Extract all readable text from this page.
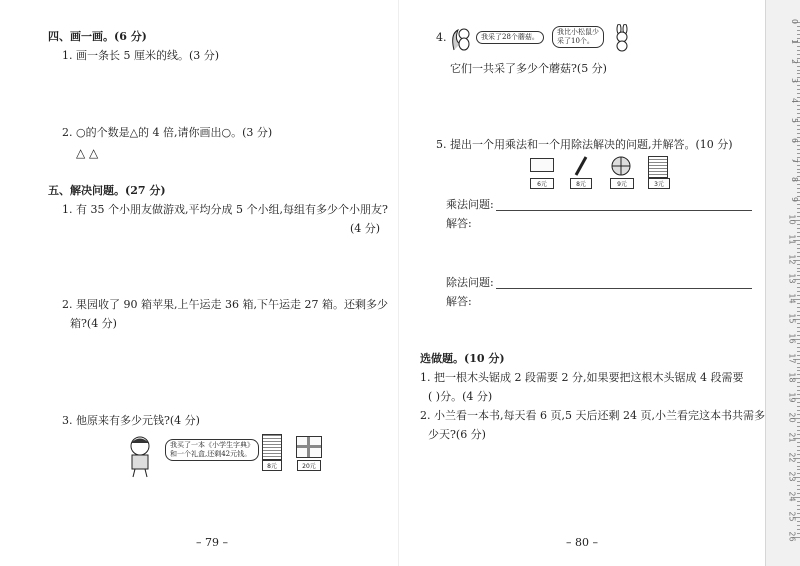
四、画一画。(6 分)
1. 画一条长 5 厘米的线。(3 分)
2. ○的个数是△的 4 倍,请你画出○。(3 分)
△ △
五、解决问题。(27 分)
1. 有 35 个小朋友做游戏,平均分成 5 个小组,每组有多少个小朋友?
(4 分)
2. 果园收了 90 箱苹果,上午运走 36 箱,下午运走 27 箱。还剩多少
箱?(4 分)
3. 他原来有多少元钱?(4 分)
我买了一本《小学生字典》
和一个礼盒,还剩42元钱。
8元	20元
– 79 –
4.	我采了28个蘑菇。
我比小松鼠少
采了10个。
它们一共采了多少个蘑菇?(5 分)
5. 提出一个用乘法和一个用除法解决的问题,并解答。(10 分)
6元	8元	9元	3元
乘法问题:
解答:
除法问题:
解答:
选做题。(10 分)
1. 把一根木头锯成 2 段需要 2 分,如果要把这根木头锯成 4 段需要
( )分。(4 分)
2. 小兰看一本书,每天看 6 页,5 天后还剩 24 页,小兰看完这本书共需多
少天?(6 分)
– 80 –
0
1
2
3
4
5
6
7
8
9
10
11
12
13
14
15
16
17
18
19
20
21
22
23
24
25
26
